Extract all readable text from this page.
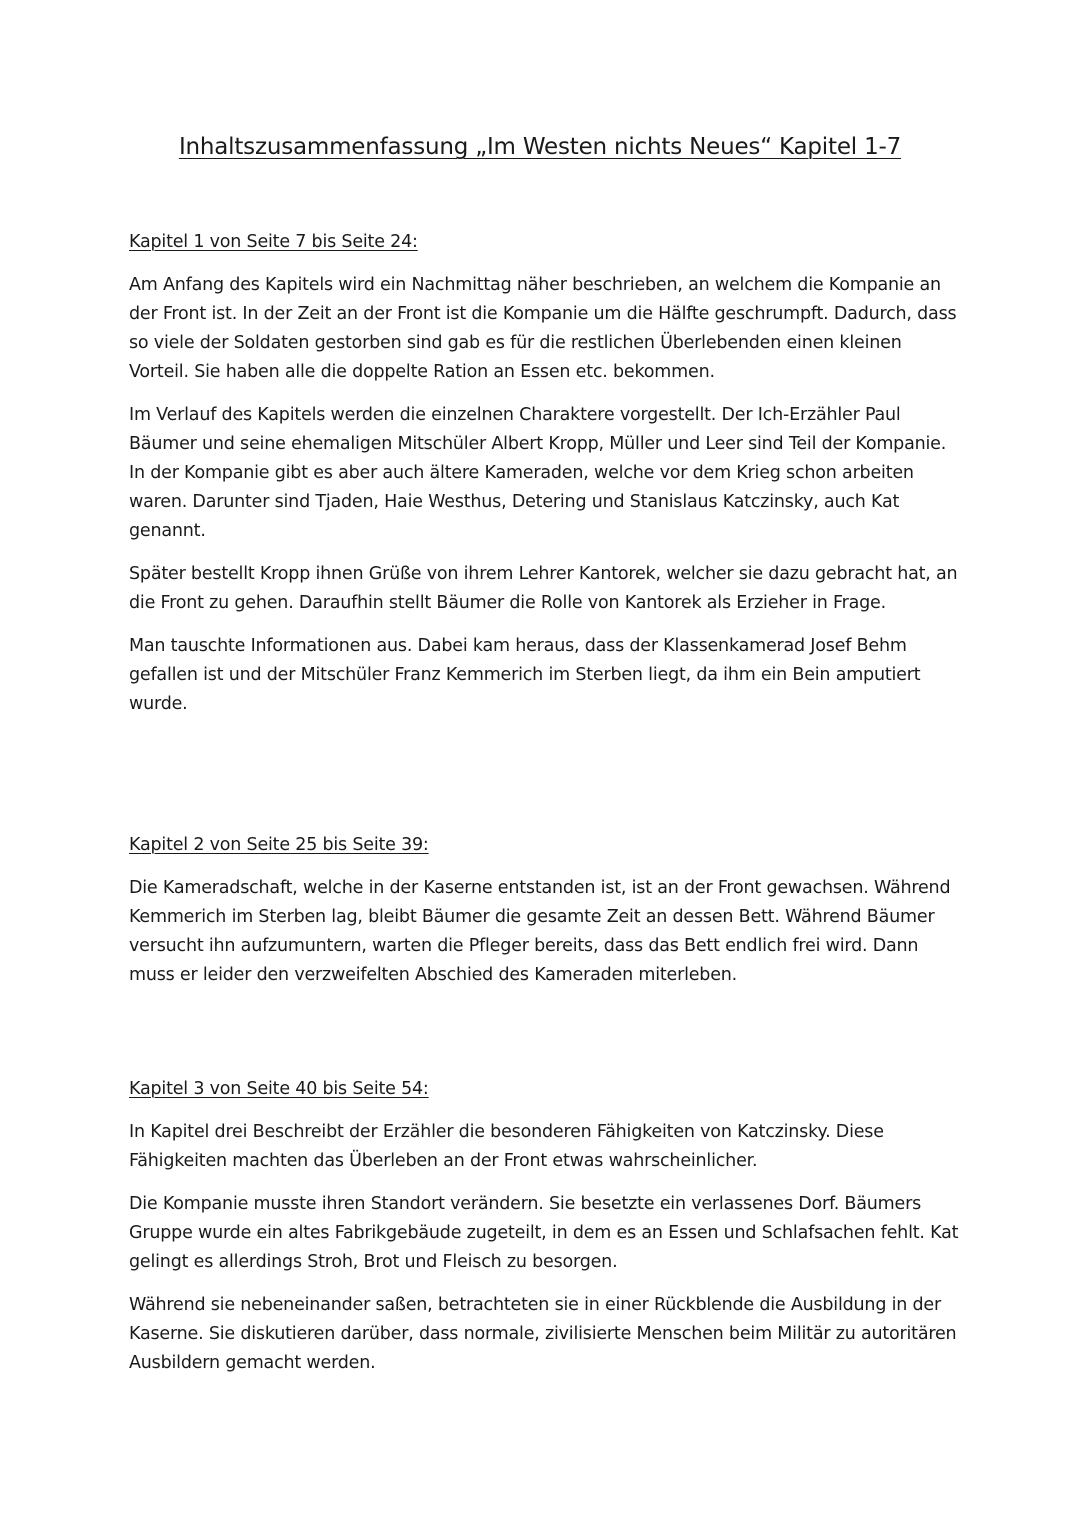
Inhaltszusammenfassung „Im Westen nichts Neues“ Kapitel 1-7
Kapitel 1 von Seite 7 bis Seite 24:

Am Anfang des Kapitels wird ein Nachmittag näher beschrieben, an welchem die Kompanie an der Front ist. In der Zeit an der Front ist die Kompanie um die Hälfte geschrumpft. Dadurch, dass so viele der Soldaten gestorben sind gab es für die restlichen Überlebenden einen kleinen Vorteil. Sie haben alle die doppelte Ration an Essen etc. bekommen.

Im Verlauf des Kapitels werden die einzelnen Charaktere vorgestellt. Der Ich-Erzähler Paul Bäumer und seine ehemaligen Mitschüler Albert Kropp, Müller und Leer sind Teil der Kompanie. In der Kompanie gibt es aber auch ältere Kameraden, welche vor dem Krieg schon arbeiten waren. Darunter sind Tjaden, Haie Westhus, Detering und Stanislaus Katczinsky, auch Kat genannt.

Später bestellt Kropp ihnen Grüße von ihrem Lehrer Kantorek, welcher sie dazu gebracht hat, an die Front zu gehen. Daraufhin stellt Bäumer die Rolle von Kantorek als Erzieher in Frage.

Man tauschte Informationen aus. Dabei kam heraus, dass der Klassenkamerad Josef Behm gefallen ist und der Mitschüler Franz Kemmerich im Sterben liegt, da ihm ein Bein amputiert wurde.

Kapitel 2 von Seite 25 bis Seite 39:

Die Kameradschaft, welche in der Kaserne entstanden ist, ist an der Front gewachsen. Während Kemmerich im Sterben lag, bleibt Bäumer die gesamte Zeit an dessen Bett. Während Bäumer versucht ihn aufzumuntern, warten die Pfleger bereits, dass das Bett endlich frei wird. Dann muss er leider den verzweifelten Abschied des Kameraden miterleben.

Kapitel 3 von Seite 40 bis Seite 54:

In Kapitel drei Beschreibt der Erzähler die besonderen Fähigkeiten von Katczinsky. Diese Fähigkeiten machten das Überleben an der Front etwas wahrscheinlicher.

Die Kompanie musste ihren Standort verändern. Sie besetzte ein verlassenes Dorf. Bäumers Gruppe wurde ein altes Fabrikgebäude zugeteilt, in dem es an Essen und Schlafsachen fehlt. Kat gelingt es allerdings Stroh, Brot und Fleisch zu besorgen.

Während sie nebeneinander saßen, betrachteten sie in einer Rückblende die Ausbildung in der Kaserne. Sie diskutieren darüber, dass normale, zivilisierte Menschen beim Militär zu autoritären Ausbildern gemacht werden.
